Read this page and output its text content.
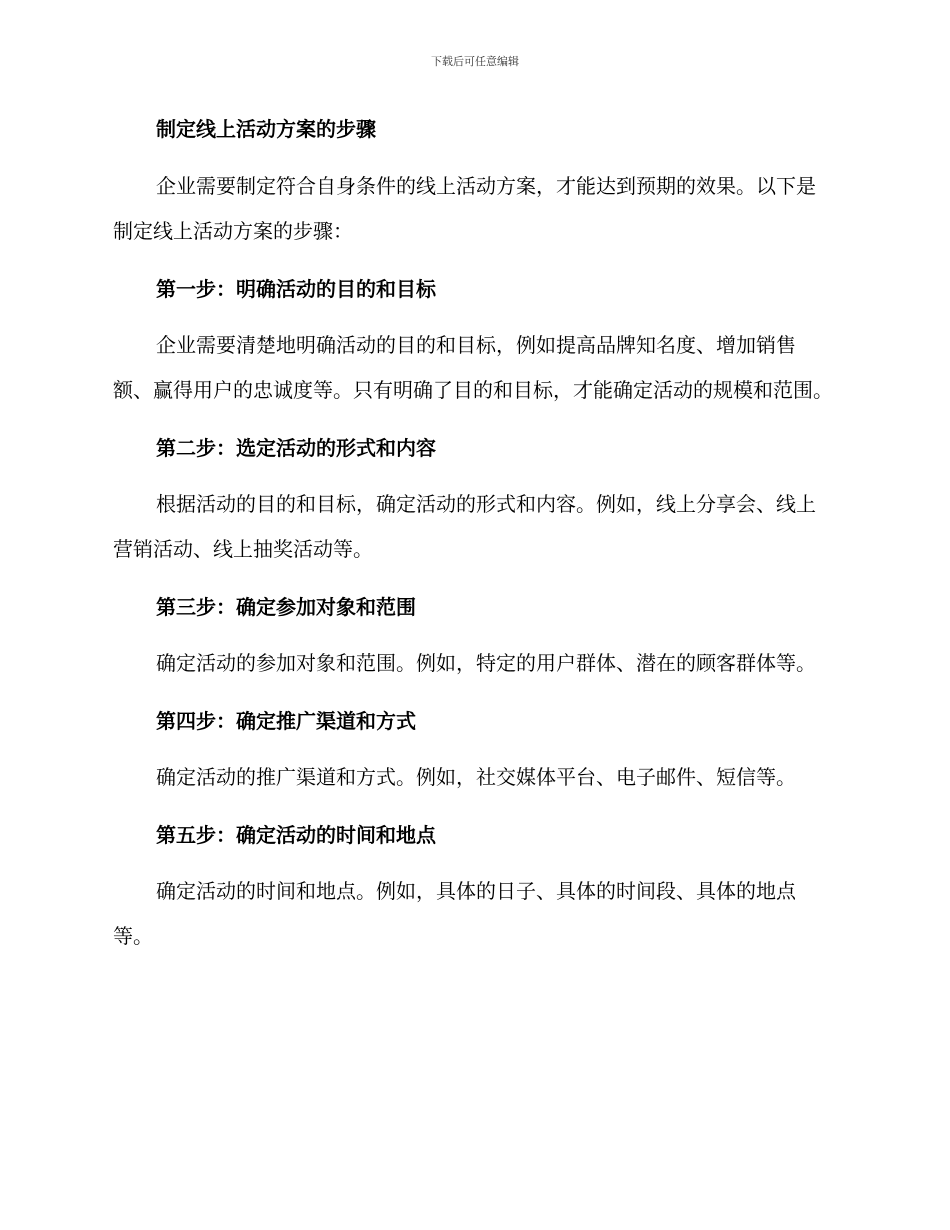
下载后可任意编辑
制定线上活动方案的步骤

企业需要制定符合自身条件的线上活动方案，才能达到预期的效果。以下是制定线上活动方案的步骤：

第一步：明确活动的目的和目标

企业需要清楚地明确活动的目的和目标，例如提高品牌知名度、增加销售额、赢得用户的忠诚度等。只有明确了目的和目标，才能确定活动的规模和范围。

第二步：选定活动的形式和内容

根据活动的目的和目标，确定活动的形式和内容。例如，线上分享会、线上营销活动、线上抽奖活动等。

第三步：确定参加对象和范围

确定活动的参加对象和范围。例如，特定的用户群体、潜在的顾客群体等。

第四步：确定推广渠道和方式

确定活动的推广渠道和方式。例如，社交媒体平台、电子邮件、短信等。

第五步：确定活动的时间和地点

确定活动的时间和地点。例如，具体的日子、具体的时间段、具体的地点等。
